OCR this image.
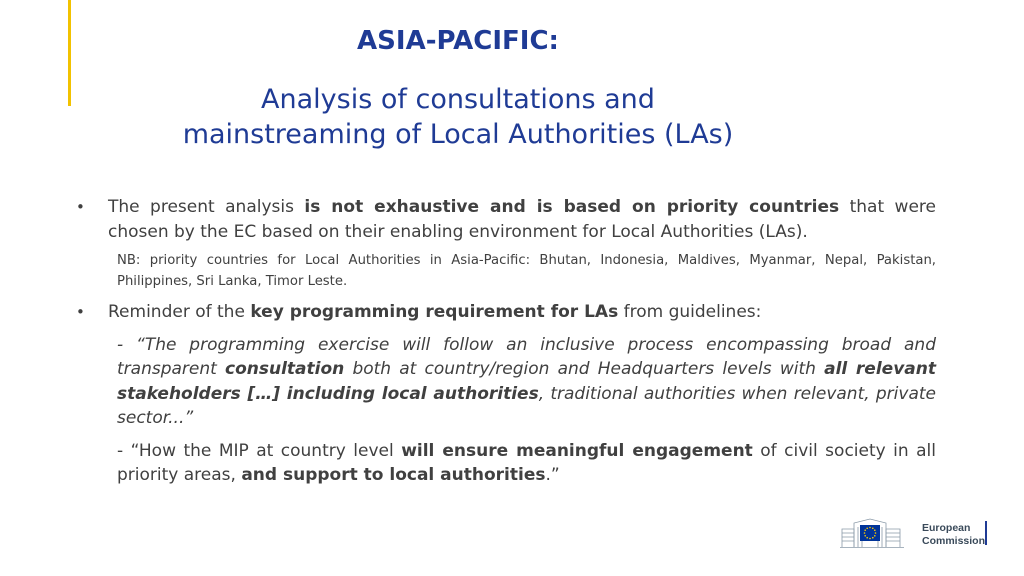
ASIA-PACIFIC:
Analysis of consultations and
mainstreaming of Local Authorities (LAs)
• The present analysis is not exhaustive and is based on priority countries that were chosen by the EC based on their enabling environment for Local Authorities (LAs).
NB: priority countries for Local Authorities in Asia-Pacific: Bhutan, Indonesia, Maldives, Myanmar, Nepal, Pakistan, Philippines, Sri Lanka, Timor Leste.
• Reminder of the key programming requirement for LAs from guidelines:
- “The programming exercise will follow an inclusive process encompassing broad and transparent consultation both at country/region and Headquarters levels with all relevant stakeholders […] including local authorities, traditional authorities when relevant, private sector...”
- “How the MIP at country level will ensure meaningful engagement of civil society in all priority areas, and support to local authorities.”
European
Commission
